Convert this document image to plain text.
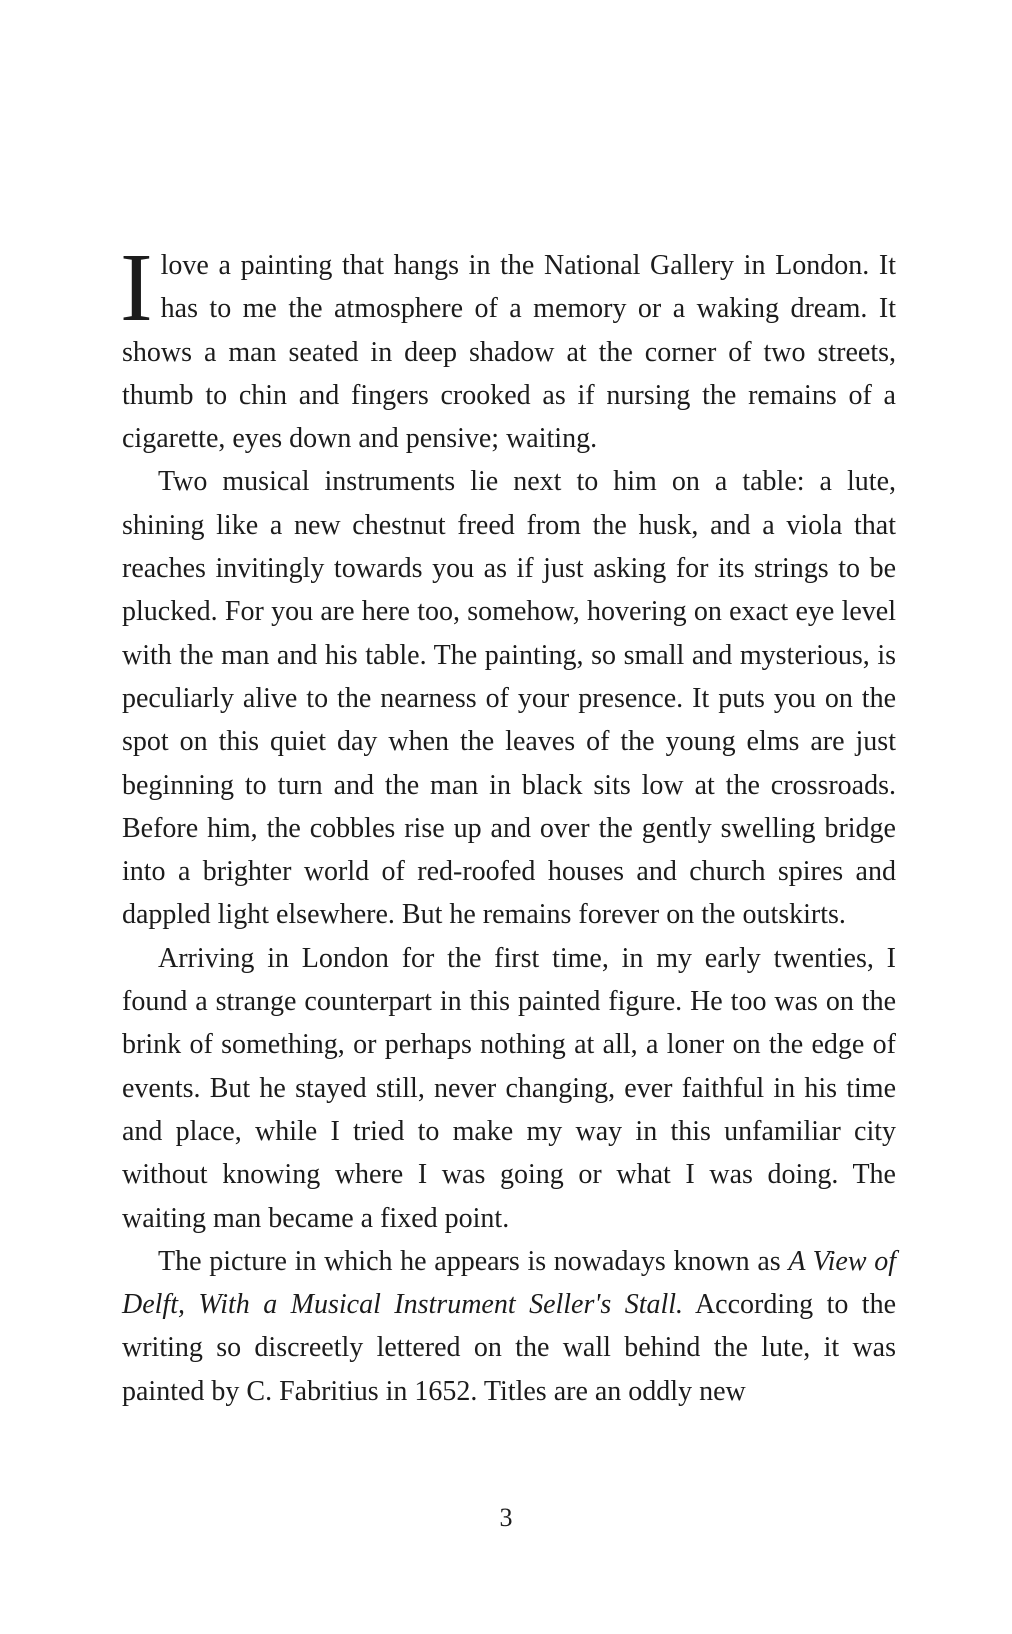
Ilove a painting that hangs in the National Gallery in London. It has to me the atmosphere of a memory or a waking dream. It shows a man seated in deep shadow at the corner of two streets, thumb to chin and fingers crooked as if nursing the remains of a cigarette, eyes down and pensive; waiting.

Two musical instruments lie next to him on a table: a lute, shining like a new chestnut freed from the husk, and a viola that reaches invitingly towards you as if just asking for its strings to be plucked. For you are here too, somehow, hovering on exact eye level with the man and his table. The painting, so small and mysterious, is peculiarly alive to the nearness of your presence. It puts you on the spot on this quiet day when the leaves of the young elms are just beginning to turn and the man in black sits low at the crossroads. Before him, the cobbles rise up and over the gently swelling bridge into a brighter world of red-roofed houses and church spires and dappled light elsewhere. But he remains forever on the outskirts.

Arriving in London for the first time, in my early twenties, I found a strange counterpart in this painted figure. He too was on the brink of something, or perhaps nothing at all, a loner on the edge of events. But he stayed still, never changing, ever faithful in his time and place, while I tried to make my way in this unfamiliar city without knowing where I was going or what I was doing. The waiting man became a fixed point.

The picture in which he appears is nowadays known as A View of Delft, With a Musical Instrument Seller's Stall. According to the writing so discreetly lettered on the wall behind the lute, it was painted by C. Fabritius in 1652. Titles are an oddly new

3
